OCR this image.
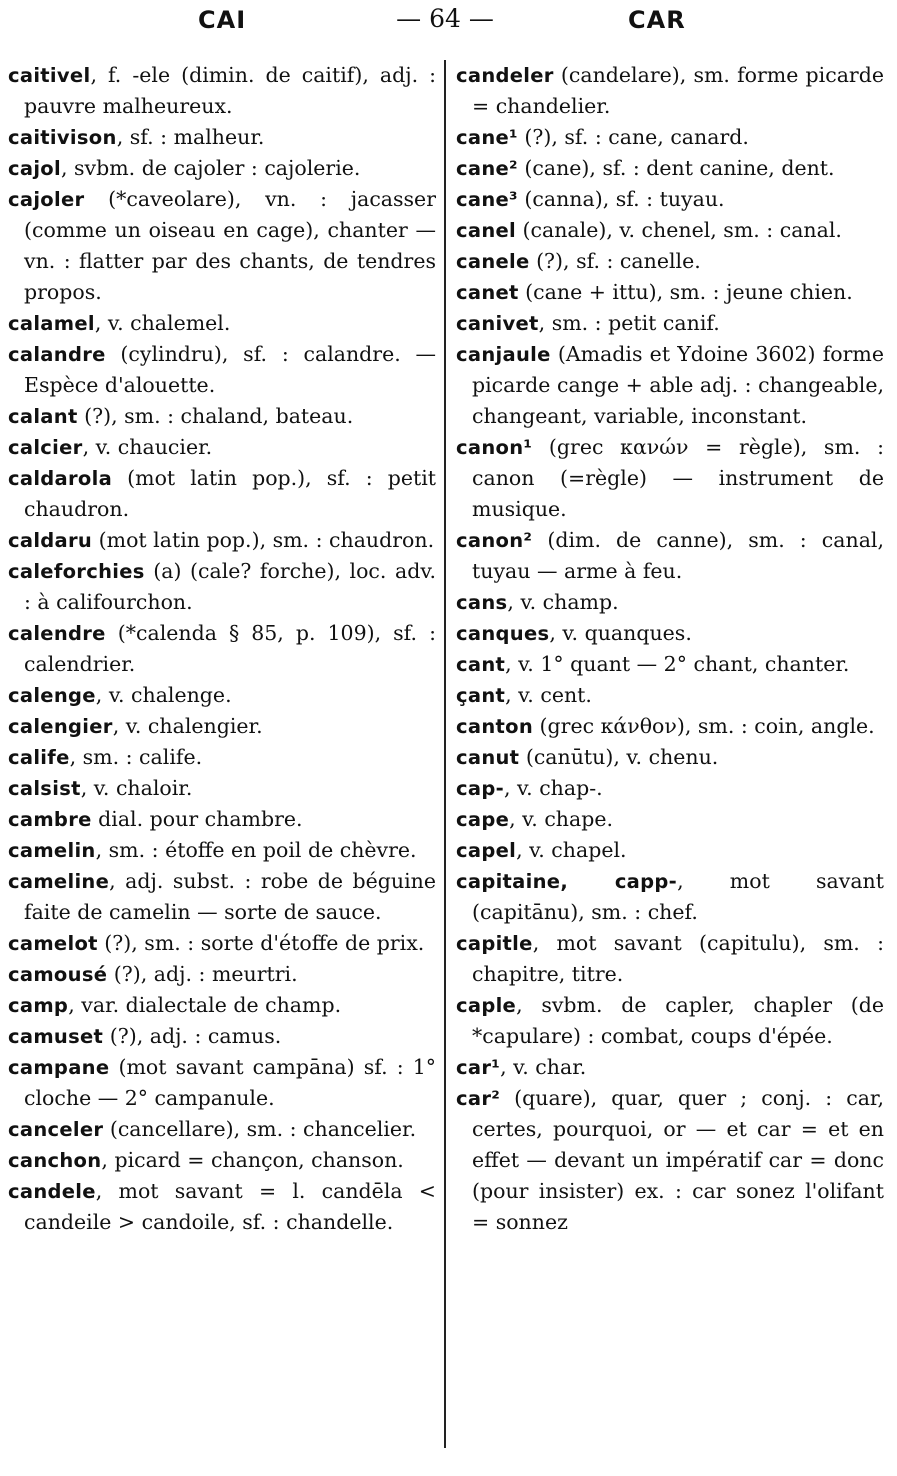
CAI	— 64 —	CAR

caitivel, f. -ele (dimin. de caitif), adj. : pauvre malheureux.

caitivison, sf. : malheur.

cajol, svbm. de cajoler : cajolerie.

cajoler (*caveolare), vn. : jacasser (comme un oiseau en cage), chanter — vn. : flatter par des chants, de tendres propos.

calamel, v. chalemel.

calandre (cylindru), sf. : calandre. — Espèce d'alouette.

calant (?), sm. : chaland, bateau.

calcier, v. chaucier.

caldarola (mot latin pop.), sf. : petit chaudron.

caldaru (mot latin pop.), sm. : chaudron.

caleforchies (a) (cale? forche), loc. adv. : à califourchon.

calendre (*calenda § 85, p. 109), sf. : calendrier.

calenge, v. chalenge.

calengier, v. chalengier.

calife, sm. : calife.

calsist, v. chaloir.

cambre dial. pour chambre.

camelin, sm. : étoffe en poil de chèvre.

cameline, adj. subst. : robe de béguine faite de camelin — sorte de sauce.

camelot (?), sm. : sorte d'étoffe de prix.

camousé (?), adj. : meurtri.

camp, var. dialectale de champ.

camuset (?), adj. : camus.

campane (mot savant campāna) sf. : 1° cloche — 2° campanule.

canceler (cancellare), sm. : chancelier.

canchon, picard = chançon, chanson.

candele, mot savant = l. candēla < candeile > candoile, sf. : chandelle.

candeler (candelare), sm. forme picarde = chandelier.

cane¹ (?), sf. : cane, canard.

cane² (cane), sf. : dent canine, dent.

cane³ (canna), sf. : tuyau.

canel (canale), v. chenel, sm. : canal.

canele (?), sf. : canelle.

canet (cane + ittu), sm. : jeune chien.

canivet, sm. : petit canif.

canjaule (Amadis et Ydoine 3602) forme picarde cange + able adj. : changeable, changeant, variable, inconstant.

canon¹ (grec κανών = règle), sm. : canon (=règle) — instrument de musique.

canon² (dim. de canne), sm. : canal, tuyau — arme à feu.

cans, v. champ.

canques, v. quanques.

cant, v. 1° quant — 2° chant, chanter.

çant, v. cent.

canton (grec κάνθον), sm. : coin, angle.

canut (canūtu), v. chenu.

cap-, v. chap-.

cape, v. chape.

capel, v. chapel.

capitaine, capp-, mot savant (capitānu), sm. : chef.

capitle, mot savant (capitulu), sm. : chapitre, titre.

caple, svbm. de capler, chapler (de *capulare) : combat, coups d'épée.

car¹, v. char.

car² (quare), quar, quer ; conj. : car, certes, pourquoi, or — et car = et en effet — devant un impératif car = donc (pour insister) ex. : car sonez l'olifant = sonnez
